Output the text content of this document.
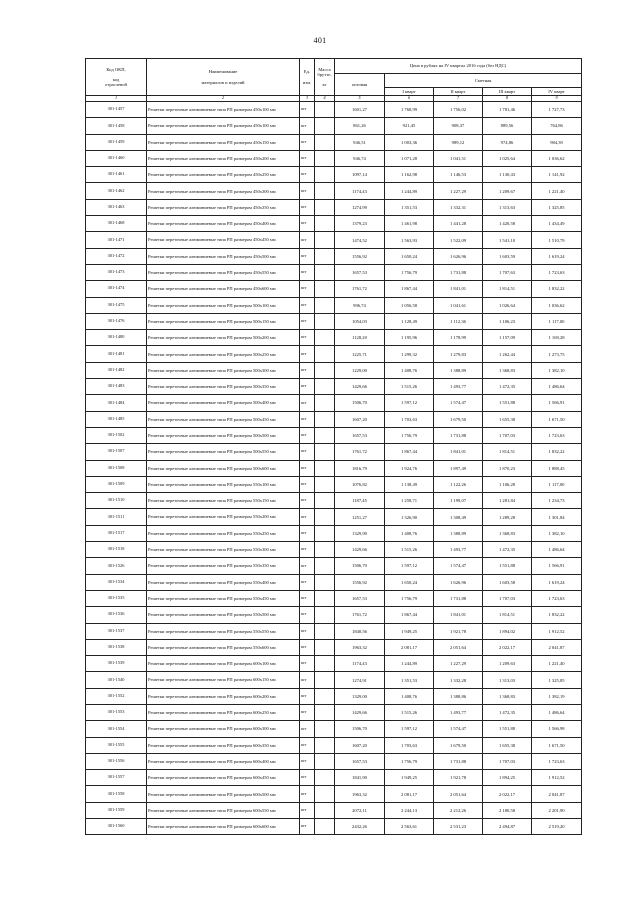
401
Код ОКП,

код
отраслевой	Наименование

материалов и изделий	Ед.

изм.	Масса
брутто,

кг	Цена в рублях на IV квартал 2016 года (без НДС)				
				оптовая	Сметная			
					I кварт	II кварт	III кварт	IV кварт
1	2	3	4	5	6	7	8	9
301-1457	Решетки переточные алюминиевые типа РП размером 450х100 мм	шт		1601,27	1 768,99	1 756,02	1 781,46	1 727,73
301-1458	Решетки переточные алюминиевые типа РП размером 450х100 мм	шт		861,26	921,45	908,37	889,56	764,86
301-1459	Решетки переточные алюминиевые типа РП размером 450х150 мм	шт		946,51	1 003,36	989,12	974,86	984,39
301-1460	Решетки переточные алюминиевые типа РП размером 450х200 мм	шт		946,74	1 071,28	1 041,51	1 025,64	1 036,62
301-1461	Решетки переточные алюминиевые типа РП размером 450х250 мм	шт		1097,14	1 162,98	1 146,53	1 130,43	1 141,92
301-1462	Решетки переточные алюминиевые типа РП размером 450х300 мм	шт		1174,43	1 244,89	1 227,29	1 209,67	1 221,40
301-1463	Решетки переточные алюминиевые типа РП размером 450х350 мм	шт		1274,99	1 351,53	1 332,31	1 313,63	1 325,85
301-1468	Решетки переточные алюминиевые типа РП размером 450х400 мм	шт		1379,23	1 461,98	1 441,28	1 420,58	1 434,49
301-1471	Решетки переточные алюминиевые типа РП размером 450х450 мм	шт		1474,52	1 563,93	1 522,09	1 541,10	1 510,79
301-1472	Решетки переточные алюминиевые типа РП размером 450х500 мм	шт		1556,92	1 650,24	1 626,96	1 603,59	1 619,24
301-1473	Решетки переточные алюминиевые типа РП размером 450х550 мм	шт		1657,53	1 756,79	1 731,88	1 707,63	1 723,63
301-1474	Решетки переточные алюминиевые типа РП размером 450х600 мм	шт		1761,72	1 867,44	1 841,01	1 814,51	1 832,22
301-1475	Решетки переточные алюминиевые типа РП размером 500х100 мм	шт		996,74	1 056,58	1 041,61	1 026,64	1 036,62
301-1476	Решетки переточные алюминиевые типа РП размером 500х150 мм	шт		1054,03	1 128,49	1 112,36	1 106,23	1 117,00
301-1480	Решетки переточные алюминиевые типа РП размером 500х200 мм	шт		1128,20	1 195,96	1 178,99	1 157,09	1 169,28
301-1481	Решетки переточные алюминиевые типа РП размером 500х250 мм	шт		1225,71	1 299,32	1 279,83	1 262,44	1 273,75
301-1482	Решетки переточные алюминиевые типа РП размером 500х300 мм	шт		1229,00	1 408,76	1 388,89	1 368,83	1 382,10
301-1483	Решетки переточные алюминиевые типа РП размером 500х350 мм	шт		1429,66	1 515,26	1 493,77	1 472,35	1 486,64
301-1484	Решетки переточные алюминиевые типа РП размером 500х400 мм	шт		1506,70	1 597,12	1 574,47	1 551,88	1 566,91
301-1485	Решетки переточные алюминиевые типа РП размером 500х450 мм	шт		1607,20	1 703,63	1 679,50	1 655,38	1 671,50
301-1502	Решетки переточные алюминиевые типа РП размером 500х500 мм	шт		1657,53	1 756,79	1 731,88	1 707,03	1 723,63
301-1507	Решетки переточные алюминиевые типа РП размером 500х550 мм	шт		1761,72	1 867,44	1 841,01	1 814,51	1 832,22
301-1508	Решетки переточные алюминиевые типа РП размером 500х600 мм	шт		1816,79	1 924,76	1 897,49	1 870,23	1 888,45
301-1509	Решетки переточные алюминиевые типа РП размером 550х100 мм	шт		1076,82	1 138,49	1 122,26	1 106,28	1 117,00
301-1510	Решетки переточные алюминиевые типа РП размером 550х150 мм	шт		1187,45	1 258,71	1 199,07	1 281,84	1 234,73
301-1511	Решетки переточные алюминиевые типа РП размером 550х200 мм	шт		1251,27	1 326,90	1 308,49	1 289,28	1 301,84
301-1517	Решетки переточные алюминиевые типа РП размером 550х250 мм	шт		1329,90	1 408,76	1 388,89	1 368,83	1 382,10
301-1518	Решетки переточные алюминиевые типа РП размером 550х300 мм	шт		1429,66	1 515,26	1 493,77	1 472,35	1 486,64
301-1526	Решетки переточные алюминиевые типа РП размером 550х350 мм	шт		1506,70	1 597,12	1 574,47	1 551,88	1 566,91
301-1534	Решетки переточные алюминиевые типа РП размером 550х400 мм	шт		1556,92	1 650,24	1 626,96	1 603,58	1 619,24
301-1535	Решетки переточные алюминиевые типа РП размером 550х450 мм	шт		1657,53	1 756,79	1 731,88	1 707,03	1 723,63
301-1536	Решетки переточные алюминиевые типа РП размером 550х500 мм	шт		1761,72	1 867,44	1 841,01	1 814,51	1 832,22
301-1537	Решетки переточные алюминиевые типа РП размером 550х550 мм	шт		1840,56	1 949,25	1 921,78	1 894,02	1 912,52
301-1538	Решетки переточные алюминиевые типа РП размером 550х600 мм	шт		1963,32	2 081,17	2 051,64	2 022,17	2 041,87
301-1539	Решетки переточные алюминиевые типа РП размером 600х100 мм	шт		1174,43	1 244,89	1 227,29	1 209,63	1 221,40
301-1540	Решетки переточные алюминиевые типа РП размером 600х150 мм	шт		1274,91	1 351,53	1 332,28	1 313,03	1 325,85
301-1552	Решетки переточные алюминиевые типа РП размером 600х200 мм	шт		1329,00	1 408,76	1 388,86	1 368,83	1 382,19
301-1553	Решетки переточные алюминиевые типа РП размером 600х250 мм	шт		1429,66	1 515,26	1 493,77	1 472,35	1 486,64
301-1554	Решетки переточные алюминиевые типа РП размером 600х300 мм	шт		1506,70	1 597,12	1 574,47	1 551,88	1 566,98
301-1555	Решетки переточные алюминиевые типа РП размером 600х350 мм	шт		1607,20	1 703,63	1 679,50	1 655,38	1 671,50
301-1556	Решетки переточные алюминиевые типа РП размером 600х400 мм	шт		1657,53	1 756,79	1 731,88	1 707,03	1 723,63
301-1557	Решетки переточные алюминиевые типа РП размером 600х450 мм	шт		1841,90	1 949,25	1 921,78	1 894,25	1 912,52
301-1558	Решетки переточные алюминиевые типа РП размером 600х500 мм	шт		1963,32	2 081,17	2 051,64	2 022,17	2 041,87
301-1559	Решетки переточные алюминиевые типа РП размером 600х550 мм	шт		2072,11	2 244,13	2 212,26	2 180,58	2 201,90
301-1560	Решетки переточные алюминиевые типа РП размером 600х600 мм	шт		2432,26	2 563,61	2 531,23	2 494,87	2 519,20
